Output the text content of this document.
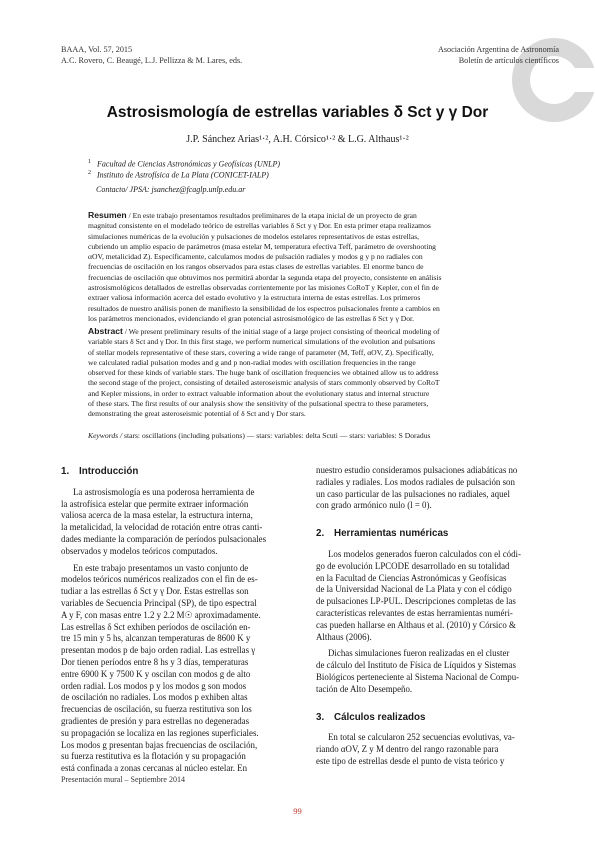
BAAA, Vol. 57, 2015
A.C. Rovero, C. Beaugé, L.J. Pellizza & M. Lares, eds.
Asociación Argentina de Astronomía
Boletín de artículos científicos
Astrosismología de estrellas variables δ Sct y γ Dor
J.P. Sánchez Arias¹·², A.H. Córsico¹·² & L.G. Althaus¹·²
$^1$ Facultad de Ciencias Astronómicas y Geofísicas (UNLP)
$^2$ Instituto de Astrofísica de La Plata (CONICET-IALP)
Contacto/ JPSA: jsanchez@fcaglp.unlp.edu.ar
Resumen / En este trabajo presentamos resultados preliminares de la etapa inicial de un proyecto de gran
magnitud consistente en el modelado teórico de estrellas variables δ Sct y γ Dor. En esta primer etapa realizamos
simulaciones numéricas de la evolución y pulsaciones de modelos estelares representativos de estas estrellas,
cubriendo un amplio espacio de parámetros (masa estelar M, temperatura efectiva Teff, parámetro de overshooting
αOV, metalicidad Z). Específicamente, calculamos modos de pulsación radiales y modos g y p no radiales con
frecuencias de oscilación en los rangos observados para estas clases de estrellas variables. El enorme banco de
frecuencias de oscilación que obtuvimos nos permitirá abordar la segunda etapa del proyecto, consistente en análisis
astrosismológicos detallados de estrellas observadas corrientemente por las misiones CoRoT y Kepler, con el fin de
extraer valiosa información acerca del estado evolutivo y la estructura interna de estas estrellas. Los primeros
resultados de nuestro análisis ponen de manifiesto la sensibilidad de los espectros pulsacionales frente a cambios en
los parámetros mencionados, evidenciando el gran potencial astrosismológico de las estrellas δ Sct y γ Dor.
Abstract / We present preliminary results of the initial stage of a large project consisting of theorical modeling of
variable stars δ Sct and γ Dor. In this first stage, we perform numerical simulations of the evolution and pulsations
of stellar models representative of these stars, covering a wide range of parameter (M, Teff, αOV, Z). Specifically,
we calculated radial pulsation modes and g and p non-radial modes with oscillation frequencies in the range
observed for these kinds of variable stars. The huge bank of oscillation frequencies we obtained allow us to address
the second stage of the project, consisting of detailed asteroseismic analysis of stars commonly observed by CoRoT
and Kepler missions, in order to extract valuable information about the evolutionary status and internal structure
of these stars. The first results of our analysis show the sensitivity of the pulsational spectra to these parameters,
demonstrating the great asteroseismic potential of δ Sct and γ Dor stars.
Keywords / stars: oscillations (including pulsations) — stars: variables: delta Scuti — stars: variables: S Doradus
1. Introducción

La astrosismología es una poderosa herramienta de
la astrofísica estelar que permite extraer información
valiosa acerca de la masa estelar, la estructura interna,
la metalicidad, la velocidad de rotación entre otras canti-
dades mediante la comparación de períodos pulsacionales
observados y modelos teóricos computados.

En este trabajo presentamos un vasto conjunto de
modelos teóricos numéricos realizados con el fin de es-
tudiar a las estrellas δ Sct y γ Dor. Estas estrellas son
variables de Secuencia Principal (SP), de tipo espectral
A y F, con masas entre 1.2 y 2.2 M☉ aproximadamente.
Las estrellas δ Sct exhiben períodos de oscilación en-
tre 15 min y 5 hs, alcanzan temperaturas de 8600 K y
presentan modos p de bajo orden radial. Las estrellas γ
Dor tienen períodos entre 8 hs y 3 días, temperaturas
entre 6900 K y 7500 K y oscilan con modos g de alto
orden radial. Los modos p y los modos g son modos
de oscilación no radiales. Los modos p exhiben altas
frecuencias de oscilación, su fuerza restitutiva son los
gradientes de presión y para estrellas no degeneradas
su propagación se localiza en las regiones superficiales.
Los modos g presentan bajas frecuencias de oscilación,
su fuerza restitutiva es la flotación y su propagación
está confinada a zonas cercanas al núcleo estelar. En

nuestro estudio consideramos pulsaciones adiabáticas no
radiales y radiales. Los modos radiales de pulsación son
un caso particular de las pulsaciones no radiales, aquel
con grado armónico nulo (l = 0).

2. Herramientas numéricas

Los modelos generados fueron calculados con el códi-
go de evolución LPCODE desarrollado en su totalidad
en la Facultad de Ciencias Astronómicas y Geofísicas
de la Universidad Nacional de La Plata y con el código
de pulsaciones LP-PUL. Descripciones completas de las
características relevantes de estas herramientas numéri-
cas pueden hallarse en Althaus et al. (2010) y Córsico &
Althaus (2006).

Dichas simulaciones fueron realizadas en el cluster
de cálculo del Instituto de Física de Líquidos y Sistemas
Biológicos perteneciente al Sistema Nacional de Compu-
tación de Alto Desempeño.

3. Cálculos realizados

En total se calcularon 252 secuencias evolutivas, va-
riando αOV, Z y M dentro del rango razonable para
este tipo de estrellas desde el punto de vista teórico y

Presentación mural – Septiembre 2014
99
